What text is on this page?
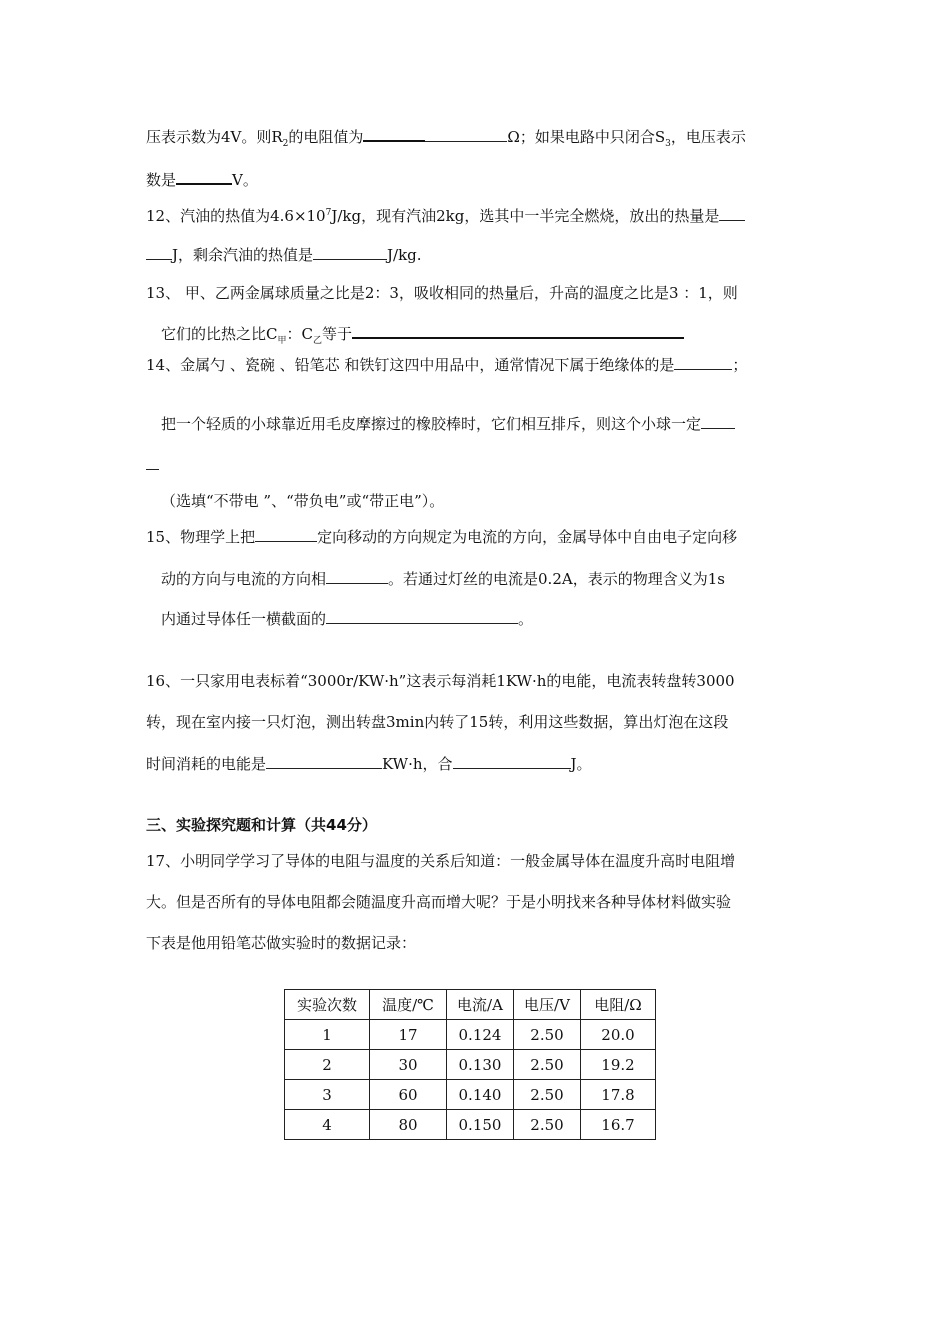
压表示数为4V。则$R_2$的电阻值为	Ω；如果电路中只闭合$S_3$，电压表示
数是	V。
12、汽油的热值为$4.6\times 10^7J/kg$，现有汽油2kg，选其中一半完全燃烧，放出的热量是
J，剩余汽油的热值是	J/kg.
13、 甲、乙两金属球质量之比是2：3，吸收相同的热量后，升高的温度之比是3 ：1，则
它们的比热之比$C_甲$：$C_乙$等于
14、金属勺 、瓷碗 、铅笔芯 和铁钉这四中用品中，通常情况下属于绝缘体的是	；
把一个轻质的小球靠近用毛皮摩擦过的橡胶棒时，它们相互排斥，则这个小球一定
（选填“不带电 ”、“带负电”或“带正电”）。
15、物理学上把	定向移动的方向规定为电流的方向，金属导体中自由电子定向移
动的方向与电流的方向相	。若通过灯丝的电流是0.2A，表示的物理含义为1s
内通过导体任一横截面的	。
16、一只家用电表标着“3000r/KW·h”这表示每消耗1KW·h的电能，电流表转盘转3000
转，现在室内接一只灯泡，测出转盘3min内转了15转，利用这些数据，算出灯泡在这段
时间消耗的电能是	KW·h，合	J。
三、实验探究题和计算（共44分）
17、小明同学学习了导体的电阻与温度的关系后知道：一般金属导体在温度升高时电阻增
大。但是否所有的导体电阻都会随温度升高而增大呢？于是小明找来各种导体材料做实验
下表是他用铅笔芯做实验时的数据记录：
实验次数	温度/℃	电流/A	电压/V	电阻/Ω
1	17	0.124	2.50	20.0
2	30	0.130	2.50	19.2
3	60	0.140	2.50	17.8
4	80	0.150	2.50	16.7
